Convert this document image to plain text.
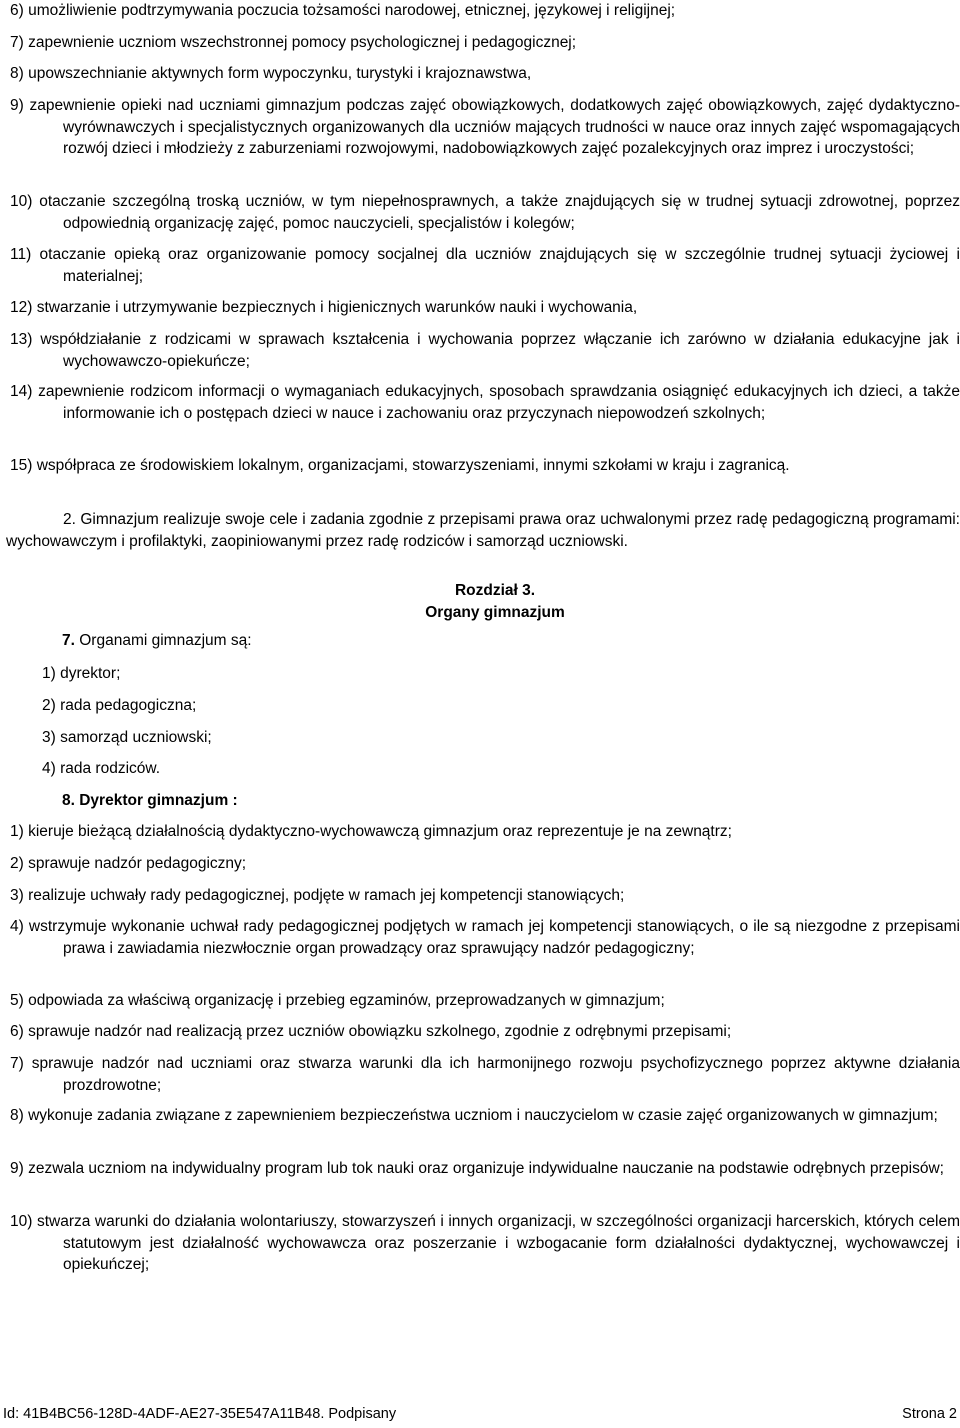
6) umożliwienie podtrzymywania poczucia tożsamości narodowej, etnicznej, językowej i religijnej;
7) zapewnienie uczniom wszechstronnej pomocy psychologicznej i pedagogicznej;
8) upowszechnianie aktywnych form wypoczynku, turystyki i krajoznawstwa,
9) zapewnienie opieki nad uczniami gimnazjum podczas zajęć obowiązkowych, dodatkowych zajęć obowiązkowych, zajęć dydaktyczno-wyrównawczych i specjalistycznych organizowanych dla uczniów mających trudności w nauce oraz innych zajęć wspomagających rozwój dzieci i młodzieży z zaburzeniami rozwojowymi, nadobowiązkowych zajęć pozalekcyjnych oraz imprez i uroczystości;
10) otaczanie szczególną troską uczniów, w tym niepełnosprawnych, a także znajdujących się w trudnej sytuacji zdrowotnej, poprzez odpowiednią organizację zajęć, pomoc nauczycieli, specjalistów i kolegów;
11) otaczanie opieką oraz organizowanie pomocy socjalnej dla uczniów znajdujących się w szczególnie trudnej sytuacji życiowej i materialnej;
12) stwarzanie i utrzymywanie bezpiecznych i higienicznych warunków nauki i wychowania,
13) współdziałanie z rodzicami w sprawach kształcenia i wychowania poprzez włączanie ich zarówno w działania edukacyjne jak i wychowawczo-opiekuńcze;
14) zapewnienie rodzicom informacji o wymaganiach edukacyjnych, sposobach sprawdzania osiągnięć edukacyjnych ich dzieci, a także informowanie ich o postępach dzieci w nauce i zachowaniu oraz przyczynach niepowodzeń szkolnych;
15) współpraca ze środowiskiem lokalnym, organizacjami, stowarzyszeniami, innymi szkołami w kraju i zagranicą.
2. Gimnazjum realizuje swoje cele i zadania zgodnie z przepisami prawa oraz uchwalonymi przez radę pedagogiczną programami: wychowawczym i profilaktyki, zaopiniowanymi przez radę rodziców i samorząd uczniowski.
Rozdział 3.
Organy gimnazjum
7. Organami gimnazjum są:
1) dyrektor;
2) rada pedagogiczna;
3) samorząd uczniowski;
4) rada rodziców.
8. Dyrektor gimnazjum :
1) kieruje bieżącą działalnością dydaktyczno-wychowawczą gimnazjum oraz reprezentuje je na zewnątrz;
2) sprawuje nadzór pedagogiczny;
3) realizuje uchwały rady pedagogicznej, podjęte w ramach jej kompetencji stanowiących;
4) wstrzymuje wykonanie uchwał rady pedagogicznej podjętych w ramach jej kompetencji stanowiących, o ile są niezgodne z przepisami prawa i zawiadamia niezwłocznie organ prowadzący oraz sprawujący nadzór pedagogiczny;
5) odpowiada za właściwą organizację i przebieg egzaminów, przeprowadzanych w gimnazjum;
6) sprawuje nadzór nad realizacją przez uczniów obowiązku szkolnego, zgodnie z odrębnymi przepisami;
7) sprawuje nadzór nad uczniami oraz stwarza warunki dla ich harmonijnego rozwoju psychofizycznego poprzez aktywne działania prozdrowotne;
8) wykonuje zadania związane z zapewnieniem bezpieczeństwa uczniom i nauczycielom w czasie zajęć organizowanych w gimnazjum;
9) zezwala uczniom na indywidualny program lub tok nauki oraz organizuje indywidualne nauczanie na podstawie odrębnych przepisów;
10) stwarza warunki do działania wolontariuszy, stowarzyszeń i innych organizacji, w szczególności organizacji harcerskich, których celem statutowym jest działalność wychowawcza oraz poszerzanie i wzbogacanie form działalności dydaktycznej, wychowawczej i opiekuńczej;
Id: 41B4BC56-128D-4ADF-AE27-35E547A11B48. Podpisany	Strona 2
